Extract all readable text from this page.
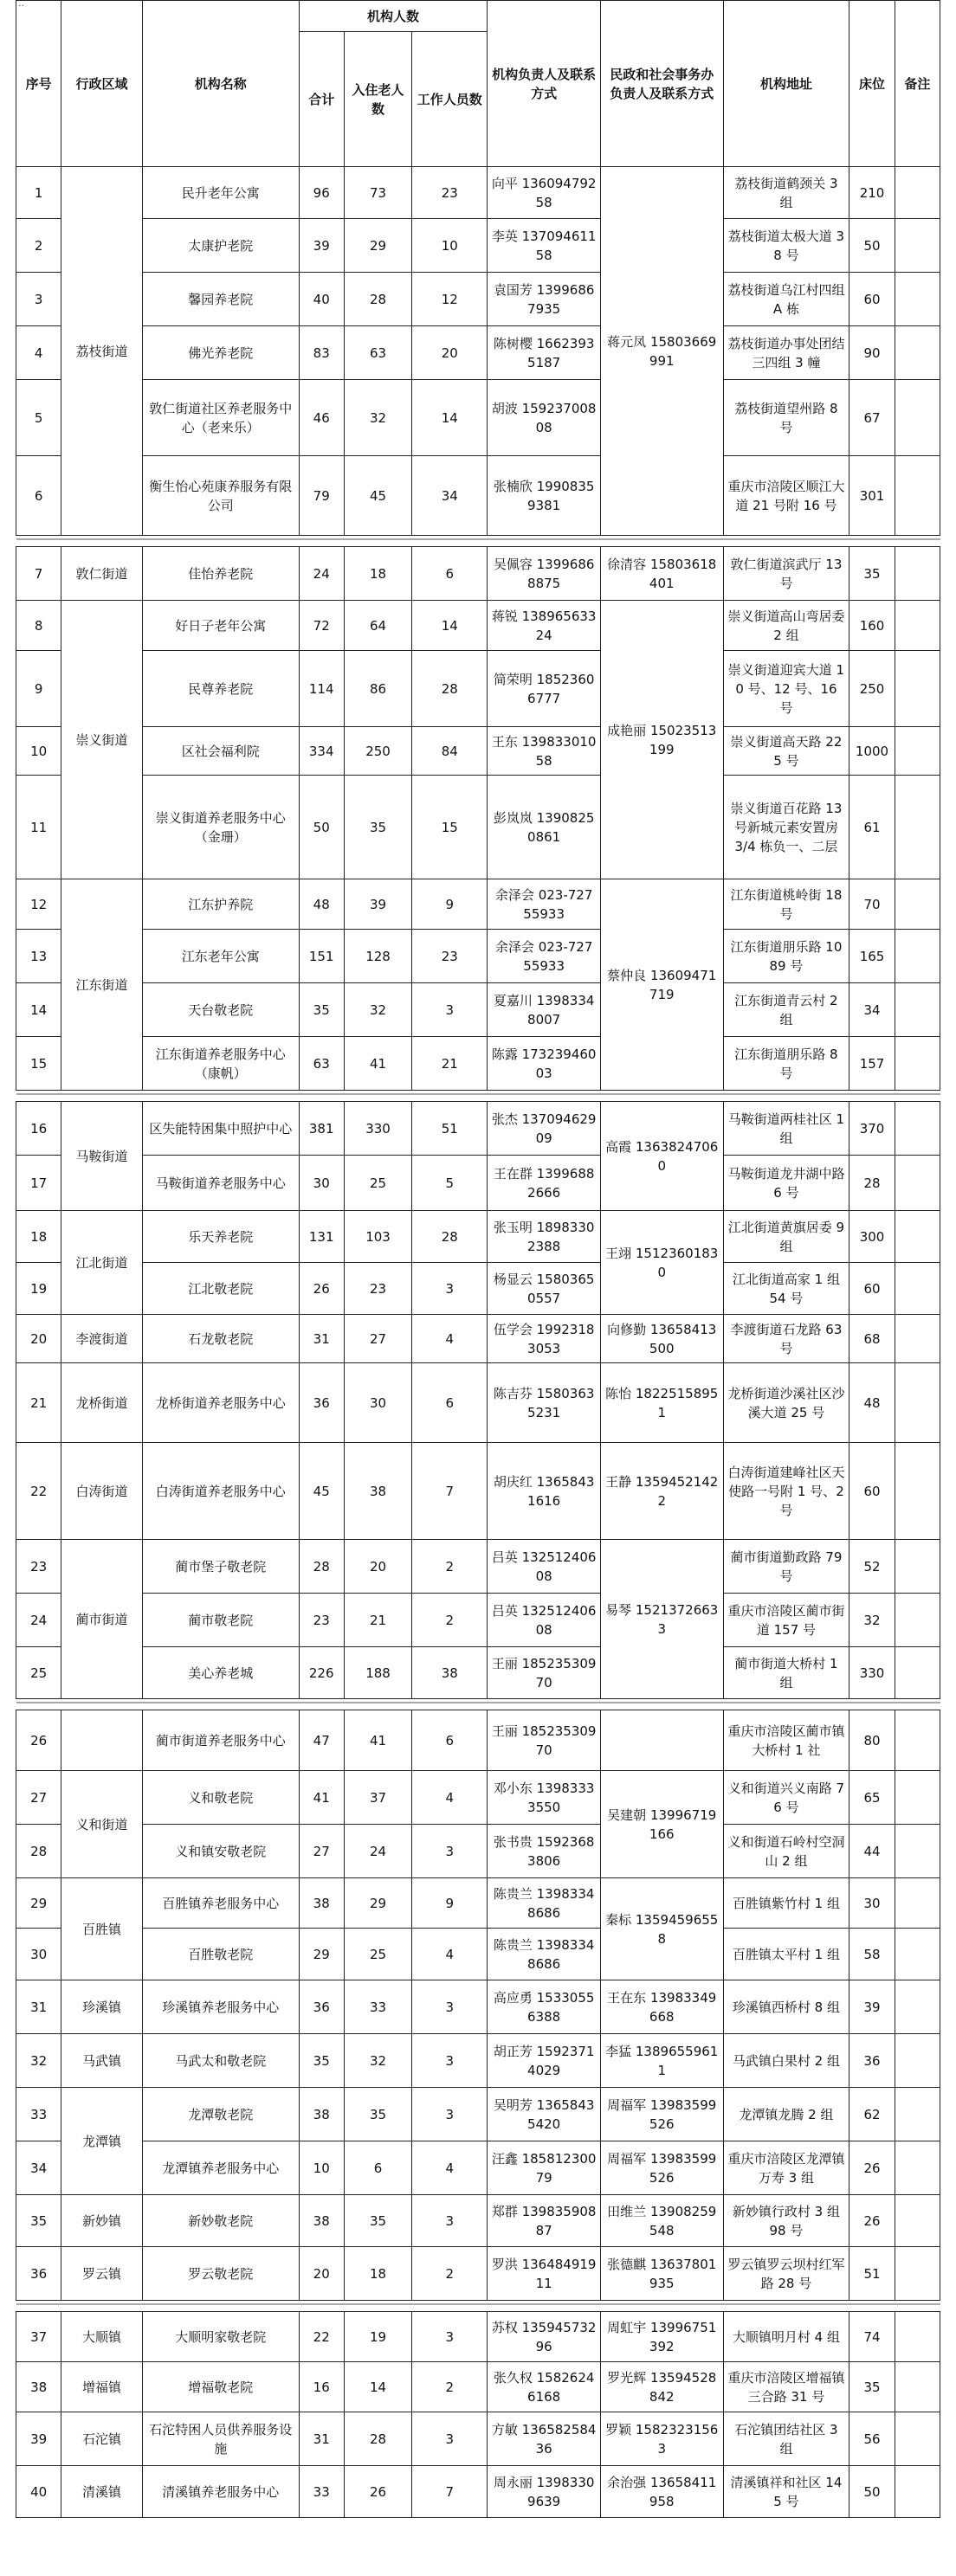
··
序号	行政区域	机构名称	机构人数			机构负责人及联系方式	民政和社会事务办负责人及联系方式	机构地址	床位	备注
			合计	入住老人数	工作人员数					
1	荔枝街道	民升老年公寓	96	73	23	向平 13609479258	蒋元凤 15803669991	荔枝街道鹤颈关 3 组	210	
2		太康护老院	39	29	10	李英 13709461158		荔枝街道太极大道 38 号	50	
3		馨园养老院	40	28	12	袁国芳 13996867935		荔枝街道乌江村四组 A 栋	60	
4		佛光养老院	83	63	20	陈树樱 16623935187		荔枝街道办事处团结三四组 3 幢	90	
5		敦仁街道社区养老服务中心（老来乐）	46	32	14	胡波 15923700808		荔枝街道望州路 8 号	67	
6		衡生怡心苑康养服务有限公司	79	45	34	张楠欣 19908359381		重庆市涪陵区顺江大道 21 号附 16 号	301	

7	敦仁街道	佳怡养老院	24	18	6	吴佩容 13996868875	徐清容 15803618401	敦仁街道滨武厅 13 号	35	
8	崇义街道	好日子老年公寓	72	64	14	蒋锐 13896563324	成艳丽 15023513199	崇义街道高山弯居委 2 组	160	
9		民尊养老院	114	86	28	简荣明 18523606777		崇义街道迎宾大道 10 号、12 号、16 号	250	
10		区社会福利院	334	250	84	王东 13983301058		崇义街道高天路 225 号	1000	
11		崇义街道养老服务中心（金珊）	50	35	15	彭岚岚 13908250861		崇义街道百花路 13 号新城元素安置房 3/4 栋负一、二层	61	
12	江东街道	江东护养院	48	39	9	余泽会 023-72755933	蔡仲良 13609471719	江东街道桃岭街 18 号	70	
13		江东老年公寓	151	128	23	余泽会 023-72755933		江东街道朋乐路 1089 号	165	
14		天台敬老院	35	32	3	夏嘉川 13983348007		江东街道青云村 2 组	34	
15		江东街道养老服务中心（康帆）	63	41	21	陈露 17323946003		江东街道朋乐路 8 号	157	

16	马鞍街道	区失能特困集中照护中心	381	330	51	张杰 13709462909	高霞 13638247060	马鞍街道两桂社区 1 组	370	
17		马鞍街道养老服务中心	30	25	5	王在群 13996882666		马鞍街道龙井湖中路 6 号	28	
18	江北街道	乐天养老院	131	103	28	张玉明 18983302388	王翊 15123601830	江北街道黄旗居委 9 组	300	
19		江北敬老院	26	23	3	杨显云 15803650557		江北街道高家 1 组 54 号	60	
20	李渡街道	石龙敬老院	31	27	4	伍学会 19923183053	向修勤 13658413500	李渡街道石龙路 63 号	68	
21	龙桥街道	龙桥街道养老服务中心	36	30	6	陈吉芬 15803635231	陈怡 18225158951	龙桥街道沙溪社区沙溪大道 25 号	48	
22	白涛街道	白涛街道养老服务中心	45	38	7	胡庆红 13658431616	王静 13594521422	白涛街道建峰社区天使路一号附 1 号、2 号	60	
23	蔺市街道	蔺市堡子敬老院	28	20	2	吕英 13251240608	易琴 15213726633	蔺市街道勤政路 79 号	52	
24		蔺市敬老院	23	21	2	吕英 13251240608		重庆市涪陵区蔺市街道 157 号	32	
25		美心养老城	226	188	38	王丽 18523530970		蔺市街道大桥村 1 组	330	

26		蔺市街道养老服务中心	47	41	6	王丽 18523530970		重庆市涪陵区蔺市镇大桥村 1 社	80	
27	义和街道	义和敬老院	41	37	4	邓小东 13983333550	吴建朝 13996719166	义和街道兴义南路 76 号	65	
28		义和镇安敬老院	27	24	3	张书贵 15923683806		义和街道石岭村空洞山 2 组	44	
29	百胜镇	百胜镇养老服务中心	38	29	9	陈贵兰 13983348686	秦标 13594596558	百胜镇紫竹村 1 组	30	
30		百胜敬老院	29	25	4	陈贵兰 13983348686		百胜镇太平村 1 组	58	
31	珍溪镇	珍溪镇养老服务中心	36	33	3	高应勇 15330556388	王在东 13983349668	珍溪镇西桥村 8 组	39	
32	马武镇	马武太和敬老院	35	32	3	胡正芳 15923714029	李猛 13896559611	马武镇白果村 2 组	36	
33	龙潭镇	龙潭敬老院	38	35	3	吴明芳 13658435420	周福军 13983599526	龙潭镇龙腾 2 组	62	
34		龙潭镇养老服务中心	10	6	4	汪鑫 18581230079	周福军 13983599526	重庆市涪陵区龙潭镇万寿 3 组	26	
35	新妙镇	新妙敬老院	38	35	3	郑群 13983590887	田维兰 13908259548	新妙镇行政村 3 组 98 号	26	
36	罗云镇	罗云敬老院	20	18	2	罗洪 13648491911	张德麒 13637801935	罗云镇罗云坝村红军路 28 号	51	

37	大顺镇	大顺明家敬老院	22	19	3	苏权 13594573296	周虹宇 13996751392	大顺镇明月村 4 组	74	
38	增福镇	增福敬老院	16	14	2	张久权 15826246168	罗光辉 13594528842	重庆市涪陵区增福镇三合路 31 号	35	
39	石沱镇	石沱特困人员供养服务设施	31	28	3	方敏 13658258436	罗颖 15823231563	石沱镇团结社区 3 组	56	
40	清溪镇	清溪镇养老服务中心	33	26	7	周永丽 13983309639	余治强 13658411958	清溪镇祥和社区 145 号	50	
